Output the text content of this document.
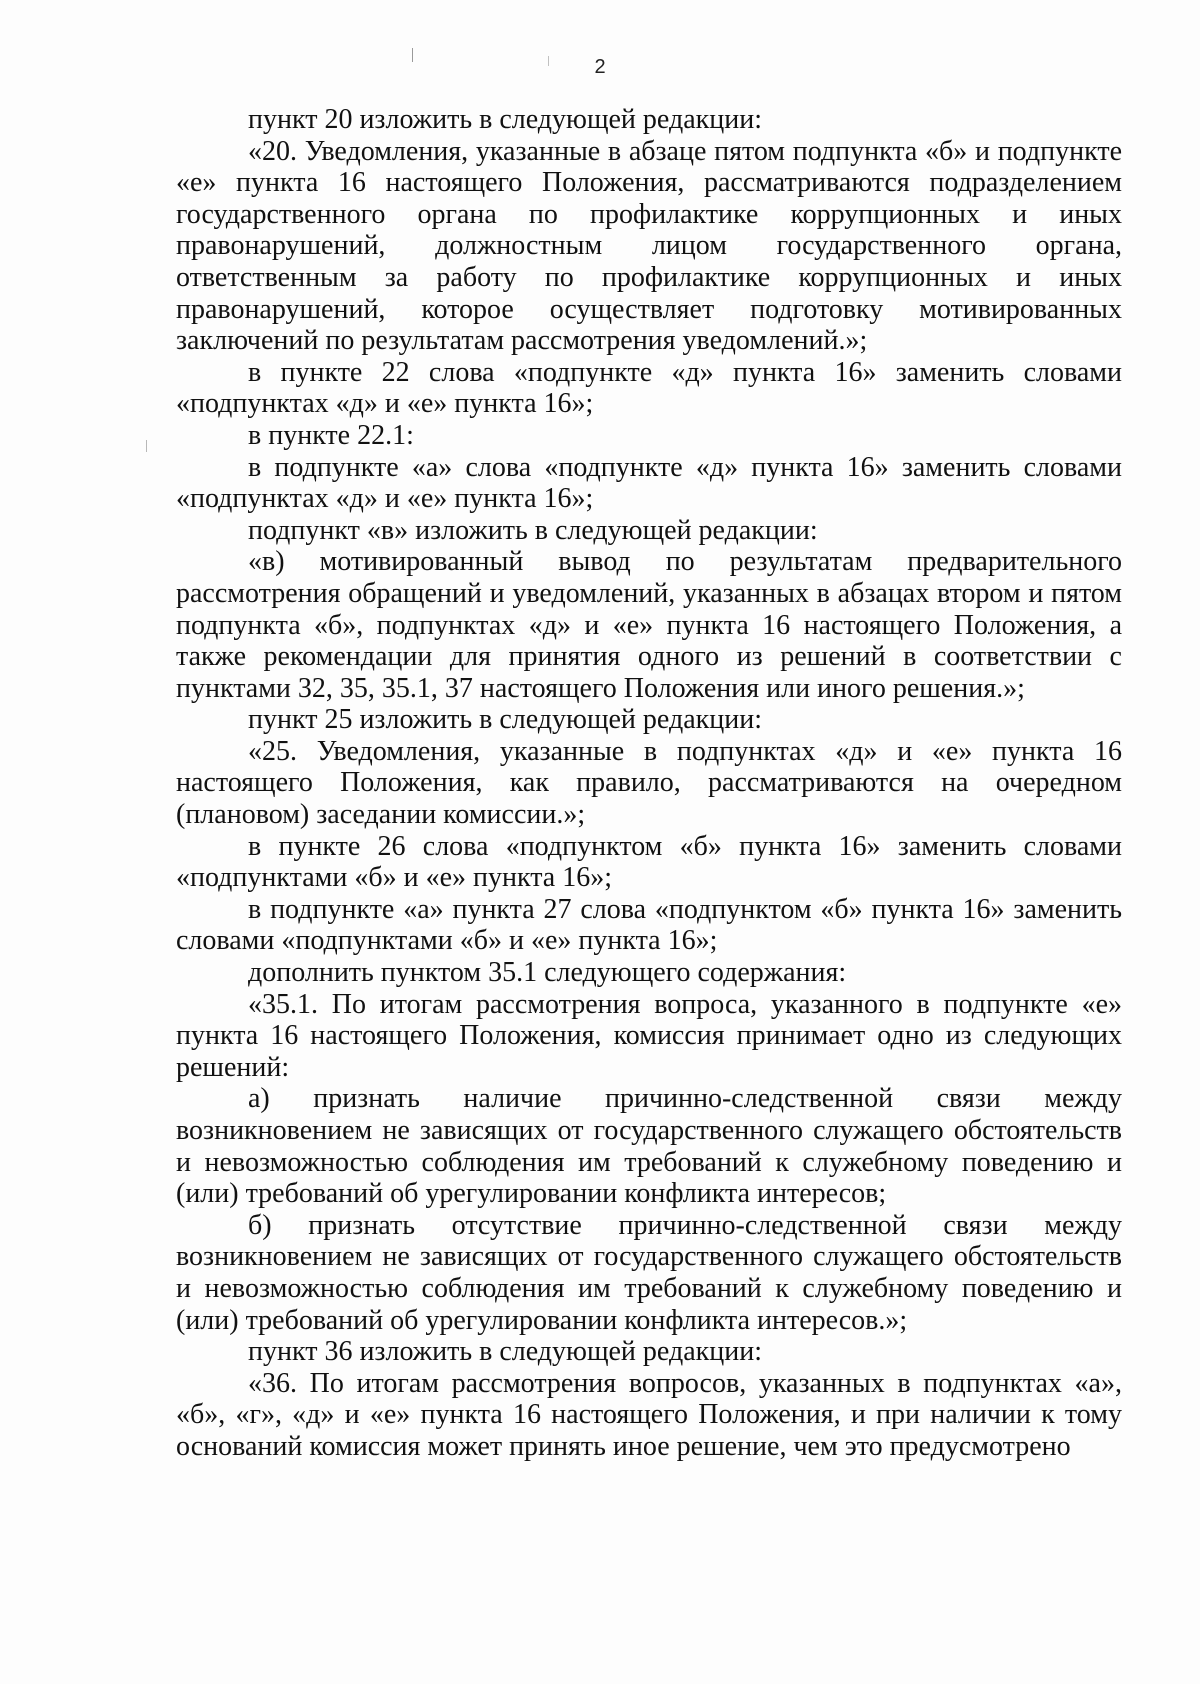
2

пункт 20 изложить в следующей редакции:

«20. Уведомления, указанные в абзаце пятом подпункта «б» и подпункте «е» пункта 16 настоящего Положения, рассматриваются подразделением государственного органа по профилактике коррупционных и иных правонарушений, должностным лицом государственного органа, ответственным за работу по профилактике коррупционных и иных правонарушений, которое осуществляет подготовку мотивированных заключений по результатам рассмотрения уведомлений.»;

в пункте 22 слова «подпункте «д» пункта 16» заменить словами «подпунктах «д» и «е» пункта 16»;

в пункте 22.1:

в подпункте «а» слова «подпункте «д» пункта 16» заменить словами «подпунктах «д» и «е» пункта 16»;

подпункт «в» изложить в следующей редакции:

«в) мотивированный вывод по результатам предварительного рассмотрения обращений и уведомлений, указанных в абзацах втором и пятом подпункта «б», подпунктах «д» и «е» пункта 16 настоящего Положения, а также рекомендации для принятия одного из решений в соответствии с пунктами 32, 35, 35.1, 37 настоящего Положения или иного решения.»;

пункт 25 изложить в следующей редакции:

«25. Уведомления, указанные в подпунктах «д» и «е» пункта 16 настоящего Положения, как правило, рассматриваются на очередном (плановом) заседании комиссии.»;

в пункте 26 слова «подпунктом «б» пункта 16» заменить словами «подпунктами «б» и «е» пункта 16»;

в подпункте «а» пункта 27 слова «подпунктом «б» пункта 16» заменить словами «подпунктами «б» и «е» пункта 16»;

дополнить пунктом 35.1 следующего содержания:

«35.1. По итогам рассмотрения вопроса, указанного в подпункте «е» пункта 16 настоящего Положения, комиссия принимает одно из следующих решений:

а) признать наличие причинно-следственной связи между возникновением не зависящих от государственного служащего обстоятельств и невозможностью соблюдения им требований к служебному поведению и (или) требований об урегулировании конфликта интересов;

б) признать отсутствие причинно-следственной связи между возникновением не зависящих от государственного служащего обстоятельств и невозможностью соблюдения им требований к служебному поведению и (или) требований об урегулировании конфликта интересов.»;

пункт 36 изложить в следующей редакции:

«36. По итогам рассмотрения вопросов, указанных в подпунктах «а», «б», «г», «д» и «е» пункта 16 настоящего Положения, и при наличии к тому оснований комиссия может принять иное решение, чем это предусмотрено
